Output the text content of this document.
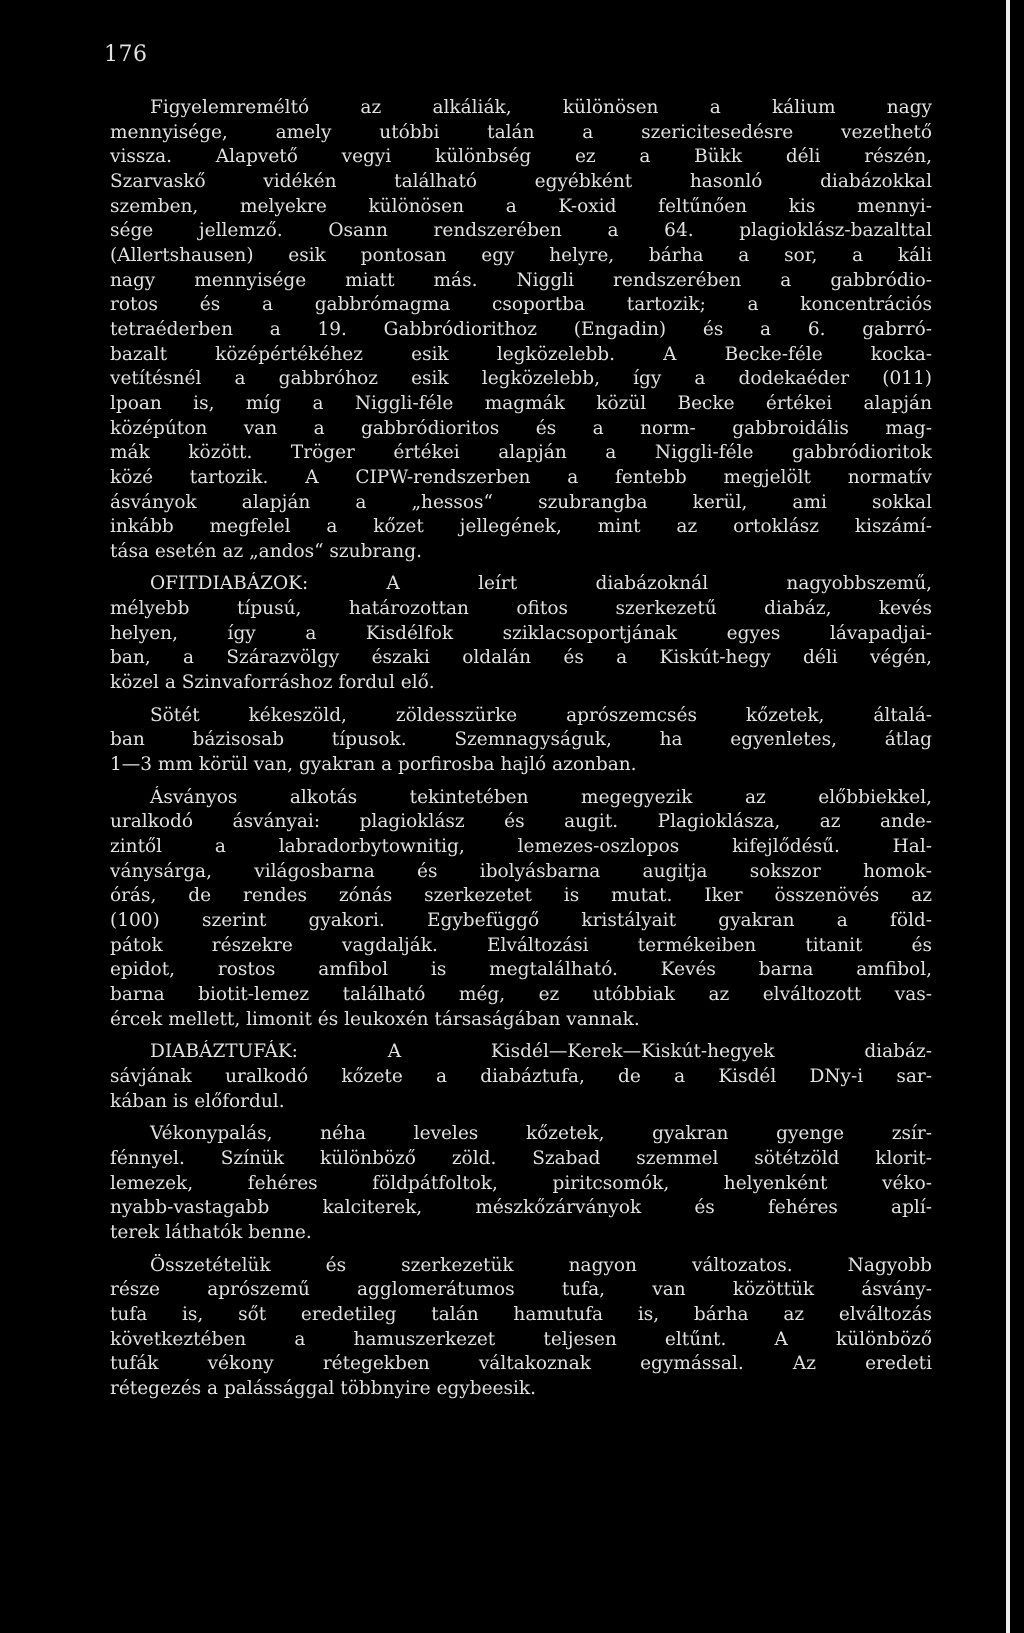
176
Figyelemreméltó az alkáliák, különösen a kálium nagy
mennyisége, amely utóbbi talán a szericitesedésre vezethető
vissza. Alapvető vegyi különbség ez a Bükk déli részén,
Szarvaskő vidékén található egyébként hasonló diabázokkal
szemben, melyekre különösen a K-oxid feltűnően kis mennyi-
sége jellemző. Osann rendszerében a 64. plagioklász-bazalttal
(Allertshausen) esik pontosan egy helyre, bárha a sor, a káli
nagy mennyisége miatt más. Niggli rendszerében a gabbródio-
rotos és a gabbrómagma csoportba tartozik; a koncentrációs
tetraéderben a 19. Gabbródiorithoz (Engadin) és a 6. gabrró-
bazalt középértékéhez esik legközelebb. A Becke-féle kocka-
vetítésnél a gabbróhoz esik legközelebb, így a dodekaéder (011)
lpoan is, míg a Niggli-féle magmák közül Becke értékei alapján
középúton van a gabbródioritos és a norm- gabbroidális mag-
mák között. Tröger értékei alapján a Niggli-féle gabbródioritok
közé tartozik. A CIPW-rendszerben a fentebb megjelölt normatív
ásványok alapján a „hessos“ szubrangba kerül, ami sokkal
inkább megfelel a kőzet jellegének, mint az ortoklász kiszámí-
tása esetén az „andos“ szubrang.
OFITDIABÁZOK: A leírt diabázoknál nagyobbszemű,
mélyebb típusú, határozottan ofitos szerkezetű diabáz, kevés
helyen, így a Kisdélfok sziklacsoportjának egyes lávapadjai-
ban, a Szárazvölgy északi oldalán és a Kiskút-hegy déli végén,
közel a Szinvaforráshoz fordul elő.
Sötét kékeszöld, zöldesszürke aprószemcsés kőzetek, általá-
ban bázisosab típusok. Szemnagyságuk, ha egyenletes, átlag
1—3 mm körül van, gyakran a porfirosba hajló azonban.
Ásványos alkotás tekintetében megegyezik az előbbiekkel,
uralkodó ásványai: plagioklász és augit. Plagioklásza, az ande-
zintől a labradorbytownitig, lemezes-oszlopos kifejlődésű. Hal-
ványsárga, világosbarna és ibolyásbarna augitja sokszor homok-
órás, de rendes zónás szerkezetet is mutat. Iker összenövés az
(100) szerint gyakori. Egybefüggő kristályait gyakran a föld-
pátok részekre vagdalják. Elváltozási termékeiben titanit és
epidot, rostos amfibol is megtalálható. Kevés barna amfibol,
barna biotit-lemez található még, ez utóbbiak az elváltozott vas-
ércek mellett, limonit és leukoxén társaságában vannak.
DIABÁZTUFÁK: A Kisdél—Kerek—Kiskút-hegyek diabáz-
sávjának uralkodó kőzete a diabáztufa, de a Kisdél DNy-i sar-
kában is előfordul.
Vékonypalás, néha leveles kőzetek, gyakran gyenge zsír-
fénnyel. Színük különböző zöld. Szabad szemmel sötétzöld klorit-
lemezek, fehéres földpátfoltok, piritcsomók, helyenként véko-
nyabb-vastagabb kalciterek, mészkőzárványok és fehéres aplí-
terek láthatók benne.
Összetételük és szerkezetük nagyon változatos. Nagyobb
része aprószemű agglomerátumos tufa, van közöttük ásvány-
tufa is, sőt eredetileg talán hamutufa is, bárha az elváltozás
következtében a hamuszerkezet teljesen eltűnt. A különböző
tufák vékony rétegekben váltakoznak egymással. Az eredeti
rétegezés a palássággal többnyire egybeesik.
